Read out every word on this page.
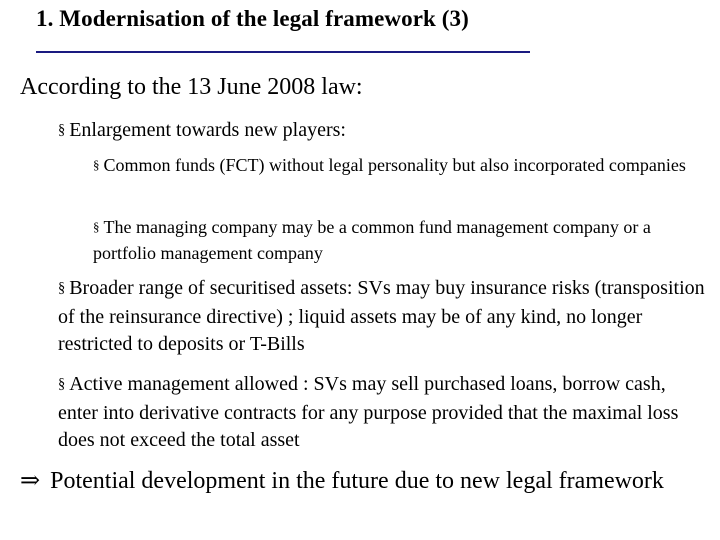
1. Modernisation of the legal framework (3)
According to the 13 June 2008 law:
§ Enlargement towards new players:
§ Common funds (FCT) without legal personality but also incorporated companies
§ The managing company may be a common fund management company or a portfolio management company
§ Broader range of securitised assets: SVs may buy insurance risks (transposition of the reinsurance directive) ; liquid assets may be of any kind, no longer restricted to deposits or T-Bills
§ Active management allowed : SVs may sell purchased loans, borrow cash, enter into derivative contracts for any purpose provided that the maximal loss does not exceed the total asset
⇒ Potential development in the future due to new legal framework
